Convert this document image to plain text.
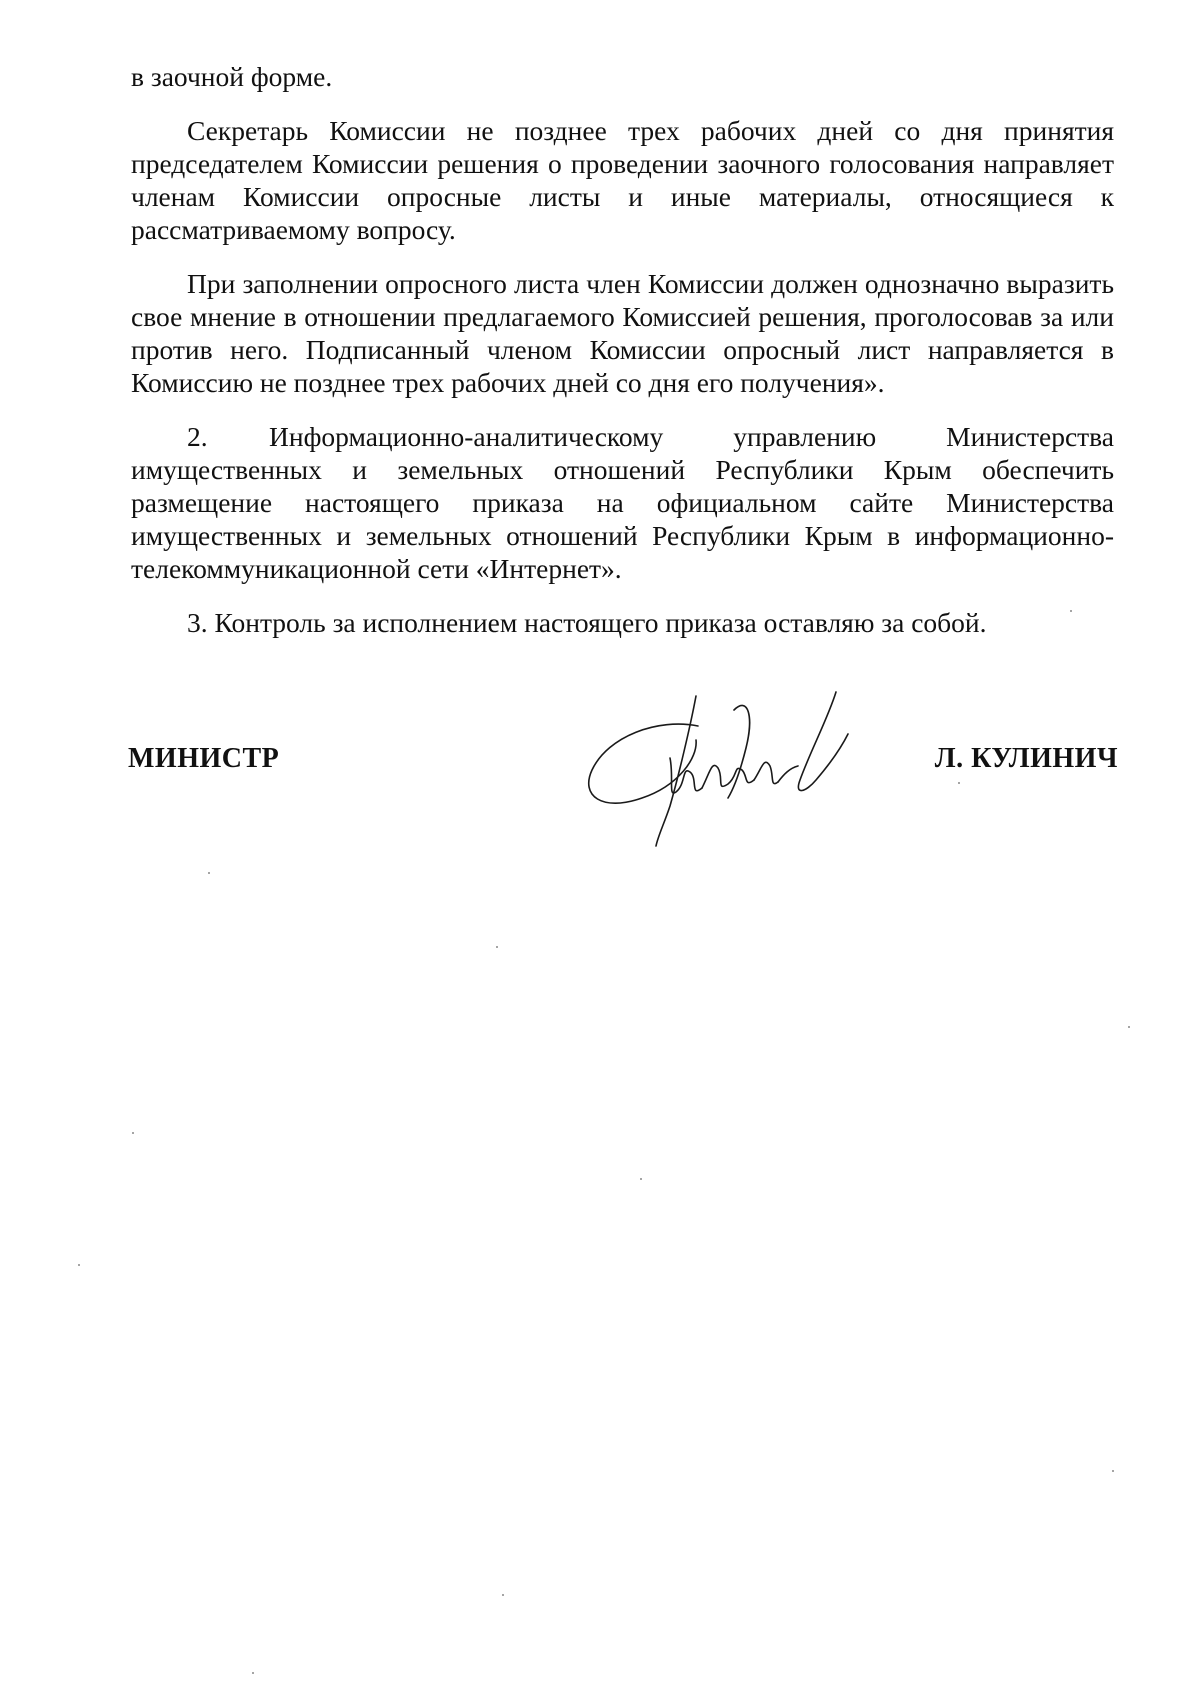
в заочной форме.

Секретарь Комиссии не позднее трех рабочих дней со дня принятия председателем Комиссии решения о проведении заочного голосования направляет членам Комиссии опросные листы и иные материалы, относящиеся к рассматриваемому вопросу.

При заполнении опросного листа член Комиссии должен однозначно выразить свое мнение в отношении предлагаемого Комиссией решения, проголосовав за или против него. Подписанный членом Комиссии опросный лист направляется в Комиссию не позднее трех рабочих дней со дня его получения».

2. Информационно-аналитическому управлению Министерства имущественных и земельных отношений Республики Крым обеспечить размещение настоящего приказа на официальном сайте Министерства имущественных и земельных отношений Республики Крым в информационно-телекоммуникационной сети «Интернет».

3. Контроль за исполнением настоящего приказа оставляю за собой.

МИНИСТР	Л. КУЛИНИЧ
